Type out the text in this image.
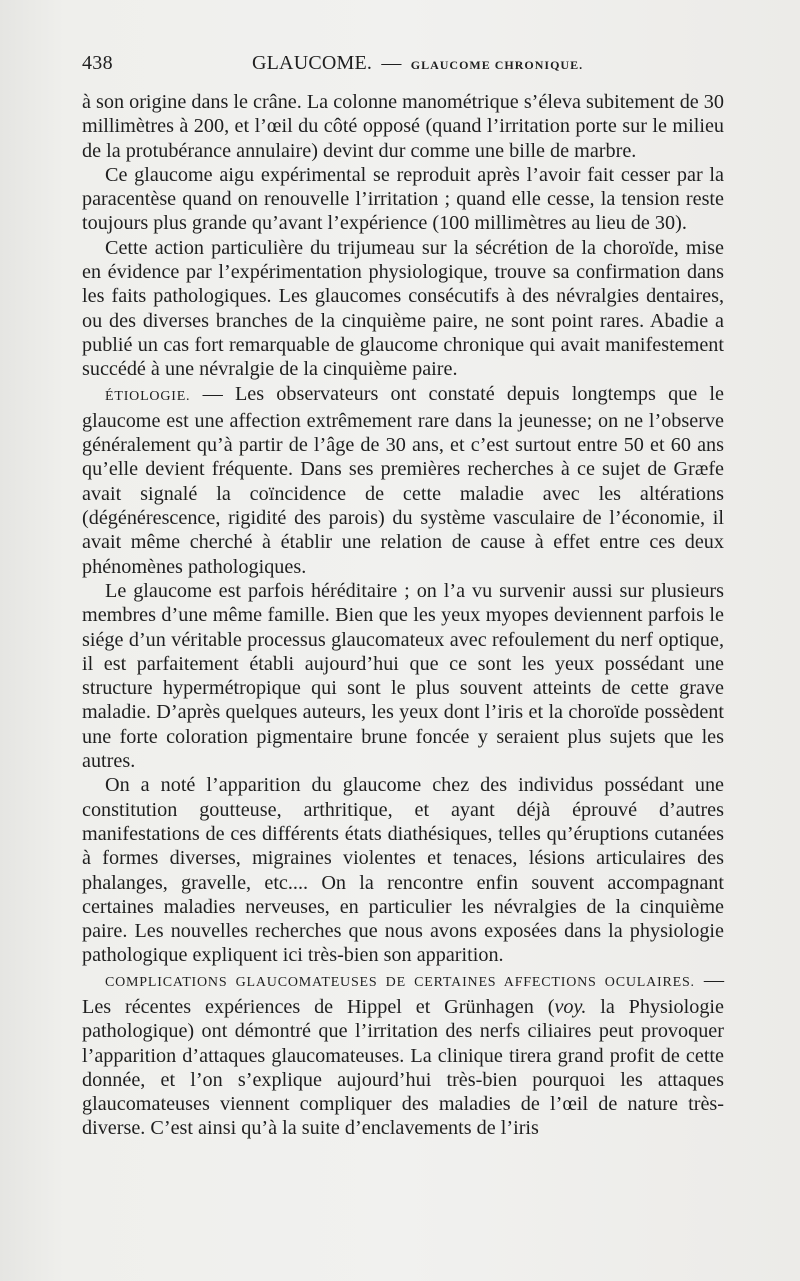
438	GLAUCOME. — GLAUCOME CHRONIQUE.

à son origine dans le crâne. La colonne manométrique s’éleva subitement de 30 millimètres à 200, et l’œil du côté opposé (quand l’irritation porte sur le milieu de la protubérance annulaire) devint dur comme une bille de marbre.

Ce glaucome aigu expérimental se reproduit après l’avoir fait cesser par la paracentèse quand on renouvelle l’irritation ; quand elle cesse, la tension reste toujours plus grande qu’avant l’expérience (100 millimètres au lieu de 30).

Cette action particulière du trijumeau sur la sécrétion de la choroïde, mise en évidence par l’expérimentation physiologique, trouve sa confirmation dans les faits pathologiques. Les glaucomes consécutifs à des névralgies dentaires, ou des diverses branches de la cinquième paire, ne sont point rares. Abadie a publié un cas fort remarquable de glaucome chronique qui avait manifestement succédé à une névralgie de la cinquième paire.

ÉTIOLOGIE. — Les observateurs ont constaté depuis longtemps que le glaucome est une affection extrêmement rare dans la jeunesse; on ne l’observe généralement qu’à partir de l’âge de 30 ans, et c’est surtout entre 50 et 60 ans qu’elle devient fréquente. Dans ses premières recherches à ce sujet de Græfe avait signalé la coïncidence de cette maladie avec les altérations (dégénérescence, rigidité des parois) du système vasculaire de l’économie, il avait même cherché à établir une relation de cause à effet entre ces deux phénomènes pathologiques.

Le glaucome est parfois héréditaire ; on l’a vu survenir aussi sur plusieurs membres d’une même famille. Bien que les yeux myopes deviennent parfois le siége d’un véritable processus glaucomateux avec refoulement du nerf optique, il est parfaitement établi aujourd’hui que ce sont les yeux possédant une structure hypermétropique qui sont le plus souvent atteints de cette grave maladie. D’après quelques auteurs, les yeux dont l’iris et la choroïde possèdent une forte coloration pigmentaire brune foncée y seraient plus sujets que les autres.

On a noté l’apparition du glaucome chez des individus possédant une constitution goutteuse, arthritique, et ayant déjà éprouvé d’autres manifestations de ces différents états diathésiques, telles qu’éruptions cutanées à formes diverses, migraines violentes et tenaces, lésions articulaires des phalanges, gravelle, etc.... On la rencontre enfin souvent accompagnant certaines maladies nerveuses, en particulier les névralgies de la cinquième paire. Les nouvelles recherches que nous avons exposées dans la physiologie pathologique expliquent ici très-bien son apparition.

COMPLICATIONS GLAUCOMATEUSES DE CERTAINES AFFECTIONS OCULAIRES. — Les récentes expériences de Hippel et Grünhagen (voy. la Physiologie pathologique) ont démontré que l’irritation des nerfs ciliaires peut provoquer l’apparition d’attaques glaucomateuses. La clinique tirera grand profit de cette donnée, et l’on s’explique aujourd’hui très-bien pourquoi les attaques glaucomateuses viennent compliquer des maladies de l’œil de nature très-diverse. C’est ainsi qu’à la suite d’enclavements de l’iris
